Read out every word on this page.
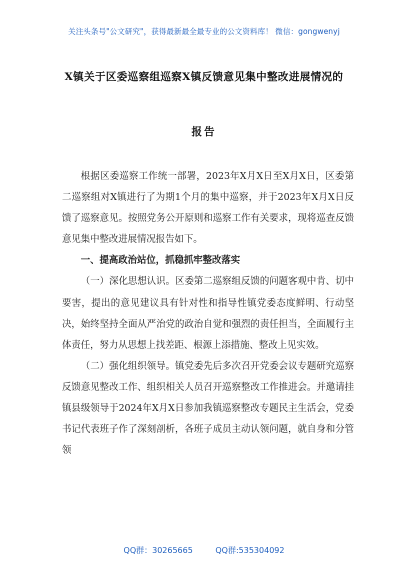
关注头条号"公文研究"，获得最新最全最专业的公文资料库！ 微信：gongwenyj
X镇关于区委巡察组巡察X镇反馈意见集中整改进展情况的
报告

根据区委巡察工作统一部署，2023年X月X日至X月X日，区委第二巡察组对X镇进行了为期1个月的集中巡察，并于2023年X月X日反馈了巡察意见。按照党务公开原则和巡察工作有关要求，现将巡查反馈意见集中整改进展情况报告如下。

一、提高政治站位，抓稳抓牢整改落实

（一）深化思想认识。区委第二巡察组反馈的问题客观中肯、切中要害，提出的意见建议具有针对性和指导性镇党委态度鲜明、行动坚决，始终坚持全面从严治党的政治自觉和强烈的责任担当，全面履行主体责任，努力从思想上找差距、根源上添措施、整改上见实效。

（二）强化组织领导。镇党委先后多次召开党委会议专题研究巡察反馈意见整改工作、组织相关人员召开巡察整改工作推进会。并邀请挂镇县级领导于2024年X月X日参加我镇巡察整改专题民主生活会，党委书记代表班子作了深刻剖析，各班子成员主动认领问题，就自身和分管领

QQ群：30265665	QQ群:535304092
